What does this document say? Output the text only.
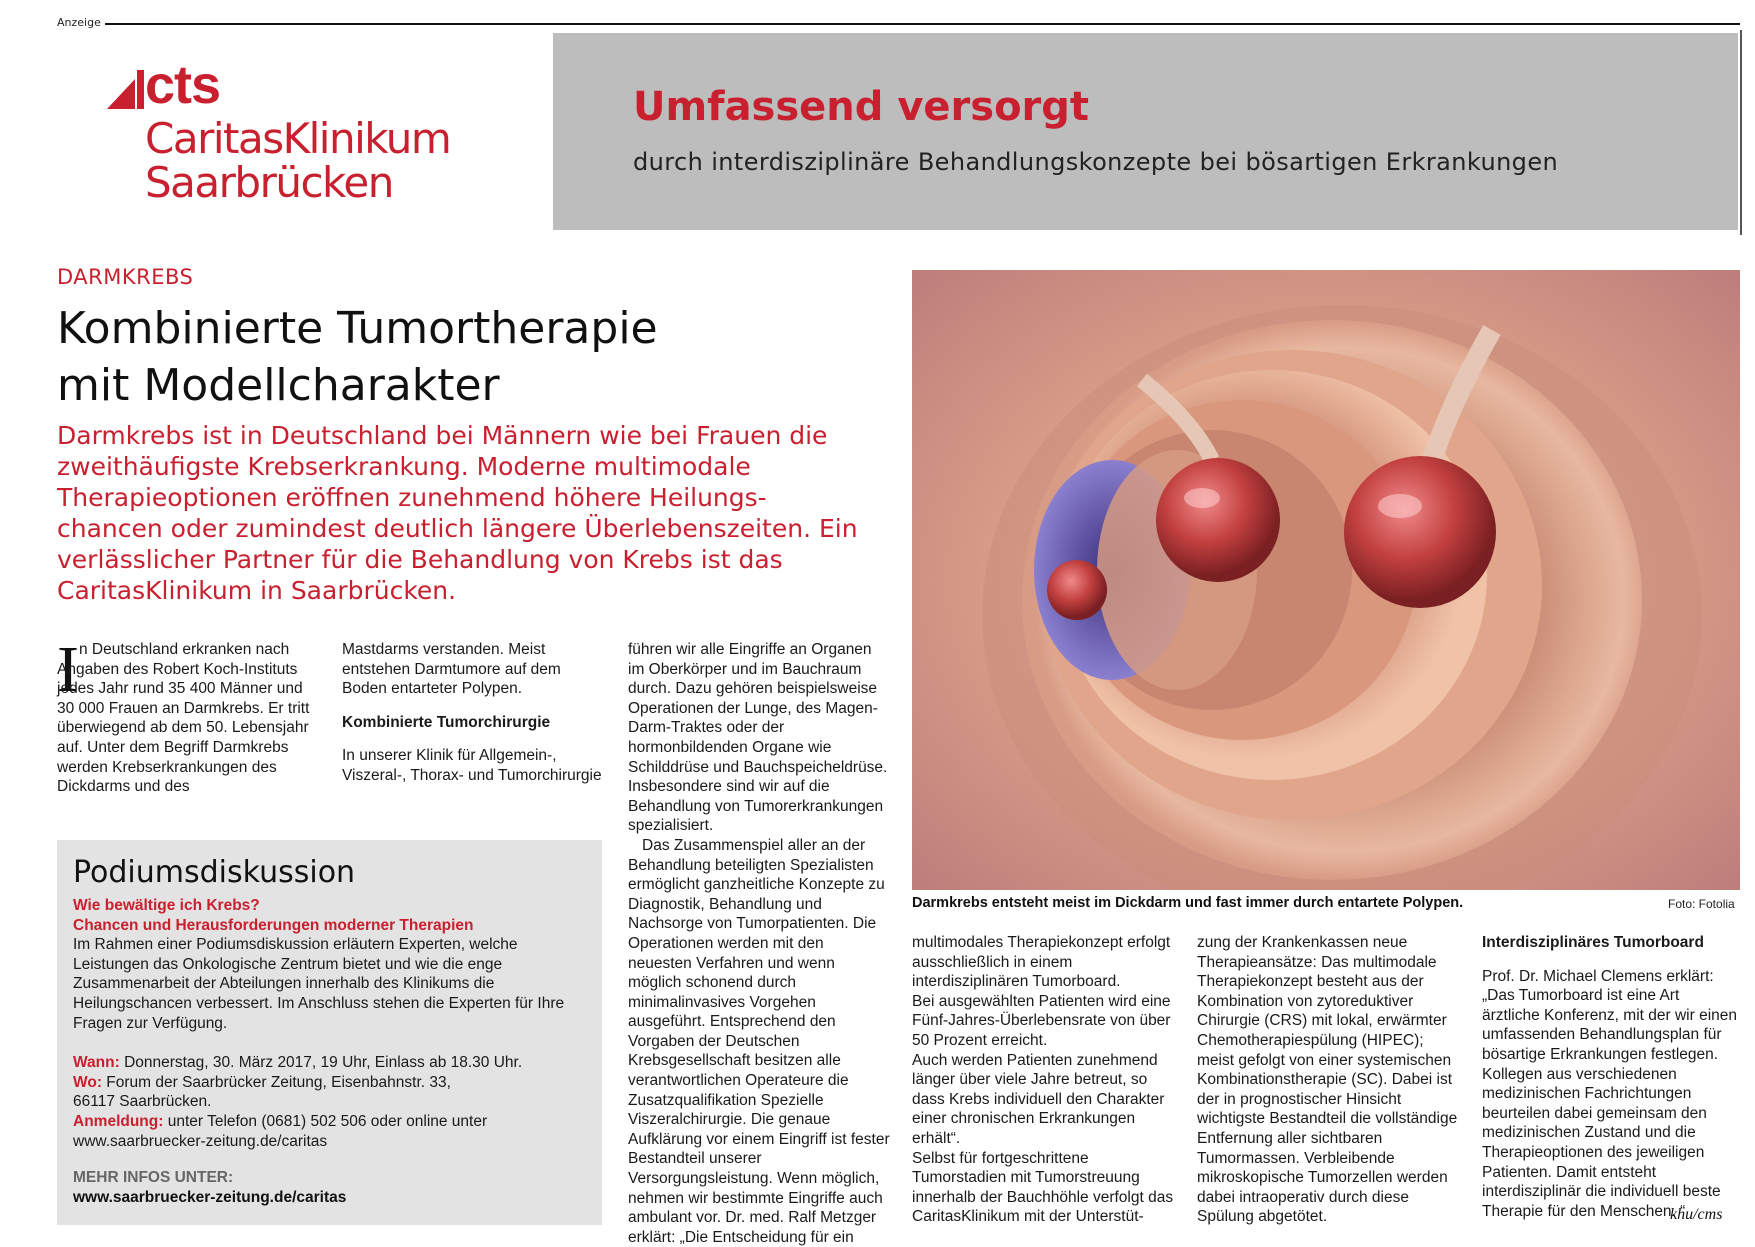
Anzeige
cts
CaritasKlinikum
Saarbrücken
Umfassend versorgt
durch interdisziplinäre Behandlungskonzepte bei bösartigen Erkrankungen
DARMKREBS
Kombinierte Tumortherapie
mit Modellcharakter
Darmkrebs ist in Deutschland bei Männern wie bei Frauen die zweithäufigste Krebserkrankung. Moderne multimodale Therapieoptionen eröffnen zunehmend höhere Heilungs- chancen oder zumindest deutlich längere Überlebenszeiten. Ein verlässlicher Partner für die Behandlung von Krebs ist das CaritasKlinikum in Saarbrücken.
I n Deutschland erkranken nach Angaben des Robert Koch-Instituts jedes Jahr rund 35 400 Männer und 30 000 Frauen an Darmkrebs. Er tritt überwiegend ab dem 50. Lebensjahr auf. Unter dem Begriff Darmkrebs werden Krebserkrankungen des Dickdarms und des

Mastdarms verstanden. Meist entstehen Darmtumore auf dem Boden entarteter Polypen.

Kombinierte Tumorchirurgie

In unserer Klinik für Allgemein-, Viszeral-, Thorax- und Tumorchirurgie

führen wir alle Eingriffe an Organen im Oberkörper und im Bauchraum durch. Dazu gehören beispielsweise Operationen der Lunge, des Magen-Darm-Traktes oder der hormonbildenden Organe wie Schilddrüse und Bauchspeicheldrüse. Insbesondere sind wir auf die Behandlung von Tumorerkrankungen spezialisiert.

Das Zusammenspiel aller an der Behandlung beteiligten Spezialisten ermöglicht ganzheitliche Konzepte zu Diagnostik, Behandlung und Nachsorge von Tumorpatienten. Die Operationen werden mit den neuesten Verfahren und wenn möglich schonend durch minimalinvasives Vorgehen ausgeführt. Entsprechend den Vorgaben der Deutschen Krebsgesellschaft besitzen alle verantwortlichen Operateure die Zusatzqualifikation Spezielle Viszeralchirurgie. Die genaue Aufklärung vor einem Eingriff ist fester Bestandteil unserer Versorgungsleistung. Wenn möglich, nehmen wir bestimmte Eingriffe auch ambulant vor. Dr. med. Ralf Metzger erklärt: „Die Entscheidung für ein

Darmkrebs entsteht meist im Dickdarm und fast immer durch entartete Polypen.	Foto: Fotolia

multimodales Therapiekonzept erfolgt ausschließlich in einem interdisziplinären Tumorboard.

Bei ausgewählten Patienten wird eine Fünf-Jahres-Überlebensrate von über 50 Prozent erreicht.

Auch werden Patienten zunehmend länger über viele Jahre betreut, so dass Krebs individuell den Charakter einer chronischen Erkrankungen erhält“.

Selbst für fortgeschrittene Tumorstadien mit Tumorstreuung innerhalb der Bauchhöhle verfolgt das CaritasKlinikum mit der Unterstüt-

zung der Krankenkassen neue Therapieansätze: Das multimodale Therapiekonzept besteht aus der Kombination von zytoreduktiver Chirurgie (CRS) mit lokal, erwärmter Chemotherapiespülung (HIPEC); meist gefolgt von einer systemischen Kombinationstherapie (SC). Dabei ist der in prognostischer Hinsicht wichtigste Bestandteil die vollständige Entfernung aller sichtbaren Tumormassen. Verbleibende mikroskopische Tumorzellen werden dabei intraoperativ durch diese Spülung abgetötet.

Interdisziplinäres Tumorboard

Prof. Dr. Michael Clemens erklärt: „Das Tumorboard ist eine Art ärztliche Konferenz, mit der wir einen umfassenden Behandlungsplan für bösartige Erkrankungen festlegen. Kollegen aus verschiedenen medizinischen Fachrichtungen beurteilen dabei gemeinsam den medizinischen Zustand und die Therapieoptionen des jeweiligen Patienten. Damit entsteht interdisziplinär die individuell beste Therapie für den Menschen. “

khu/cms
Podiumsdiskussion

Wie bewältige ich Krebs?

Chancen und Herausforderungen moderner Therapien

Im Rahmen einer Podiumsdiskussion erläutern Experten, welche Leistungen das Onkologische Zentrum bietet und wie die enge Zusammenarbeit der Abteilungen innerhalb des Klinikums die Heilungschancen verbessert. Im Anschluss stehen die Experten für Ihre Fragen zur Verfügung.

Wann: Donnerstag, 30. März 2017, 19 Uhr, Einlass ab 18.30 Uhr.

Wo: Forum der Saarbrücker Zeitung, Eisenbahnstr. 33,

66117 Saarbrücken.

Anmeldung: unter Telefon (0681) 502 506 oder online unter

www.saarbruecker-zeitung.de/caritas

MEHR INFOS UNTER:
www.saarbruecker-zeitung.de/caritas
